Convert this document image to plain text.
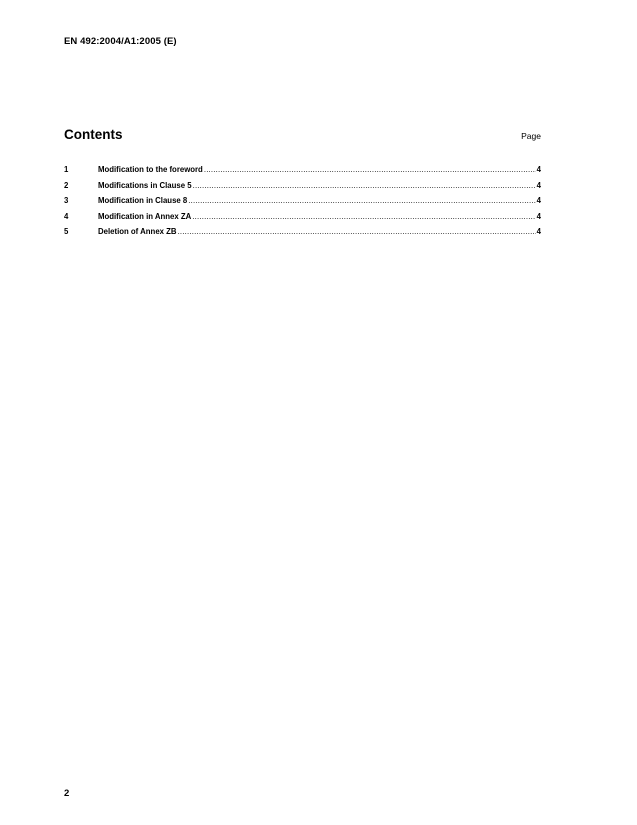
EN 492:2004/A1:2005 (E)
Contents	Page
1	Modification to the foreword .....	4
2	Modifications in Clause 5 .....	4
3	Modification in Clause 8 .....	4
4	Modification in Annex ZA .....	4
5	Deletion of Annex ZB .....	4
2
